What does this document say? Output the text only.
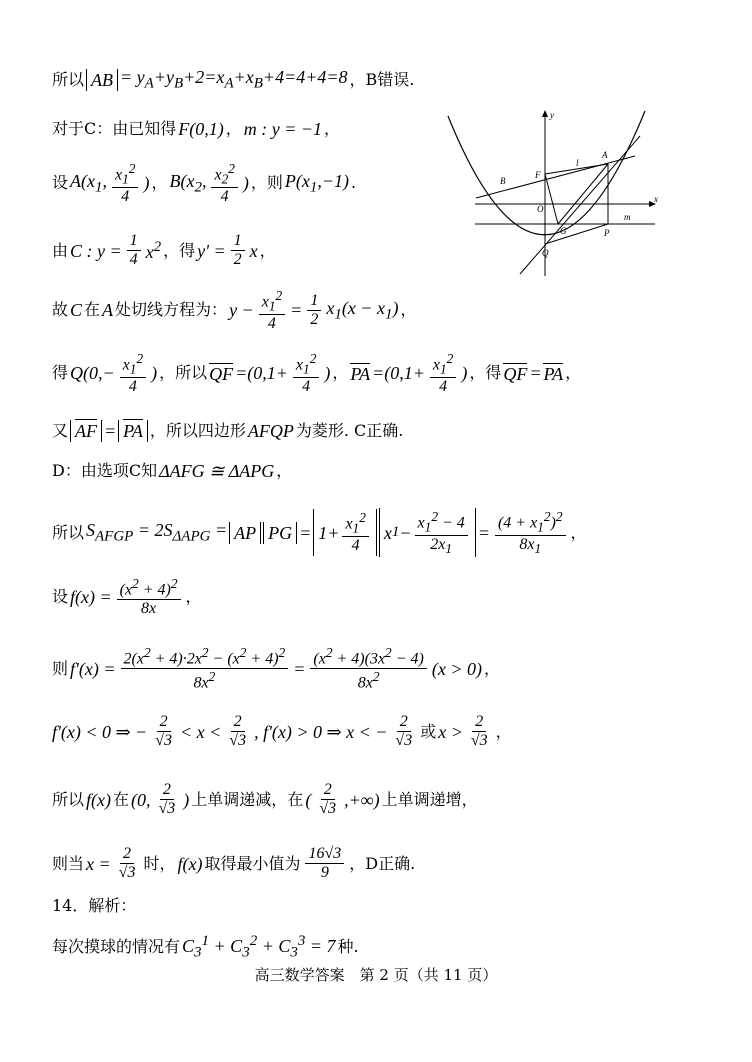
所以 AB = $y_A+y_B+2=x_A+x_B+4=4+4=8$ ，B错误.
对于C：由已知得 F(0,1) ， m : y = −1 ，
设 $A(x_1$, $\frac{x_1^2}{4}$ ) ， $B(x_2$, $\frac{x_2^2}{4}$ ) ，则 $P(x_1,-1)$ .
由 C : $y = \frac{1}{4} x^2$ ，得 $y' = \frac{1}{2}$ x ，
故 C 在 A 处切线方程为： $y - \frac{x_1^2}{4} = \frac{1}{2} x_1(x - x_1)$ ，
得 $Q(0,- \frac{x_1^2}{4}$ ) ，所以 QF $=(0,1+ \frac{x_1^2}{4}$ ) ， PA $=(0,1+ \frac{x_1^2}{4}$ ) ，得 QF = PA ，
又 AF = PA ，所以四边形 AFQP 为菱形. C正确.
D：由选项C知 ΔAFG ≅ ΔAPG ，
所以 $S_{AFGP} = 2S_{\Delta APG}$ = AP PG = $1+ \frac{x_1^2}{4}$ x $1 - \frac{x_1^2 - 4}{2x_1} = \frac{(4 + x_1^2)^2}{8x_1}$ ，
设 $f(x) = \frac{(x^2 + 4)^2}{8x}$ ，
则 $f'(x) = \frac{2(x^2 + 4)\cdot 2x^2 - (x^2 + 4)^2}{8x^2} = \frac{(x^2 + 4)(3x^2 - 4)}{8x^2} (x > 0)$ ，
f'(x) < 0 ⇒ − $\frac{2}{√3} < x < \frac{2}{√3}$ , f'(x) > 0 ⇒ x < − $\frac{2}{√3}$ 或 $x > \frac{2}{√3}$ ，
所以 f(x) 在 (0, $\frac{2}{√3}$ ) 上单调递减，在 ( $\frac{2}{√3}$ ,+∞) 上单调递增，
则当 $x = \frac{2}{√3}$ 时， f(x) 取得最小值为 $\frac{16√3}{9}$ ，D正确.
14．解析：
每次摸球的情况有 $C_3^1 + C_3^2 + C_3^3 = 7$ 种.
y
x
A
B
F
O
G	P
Q
l
m
高三数学答案　第 2 页（共 11 页）
